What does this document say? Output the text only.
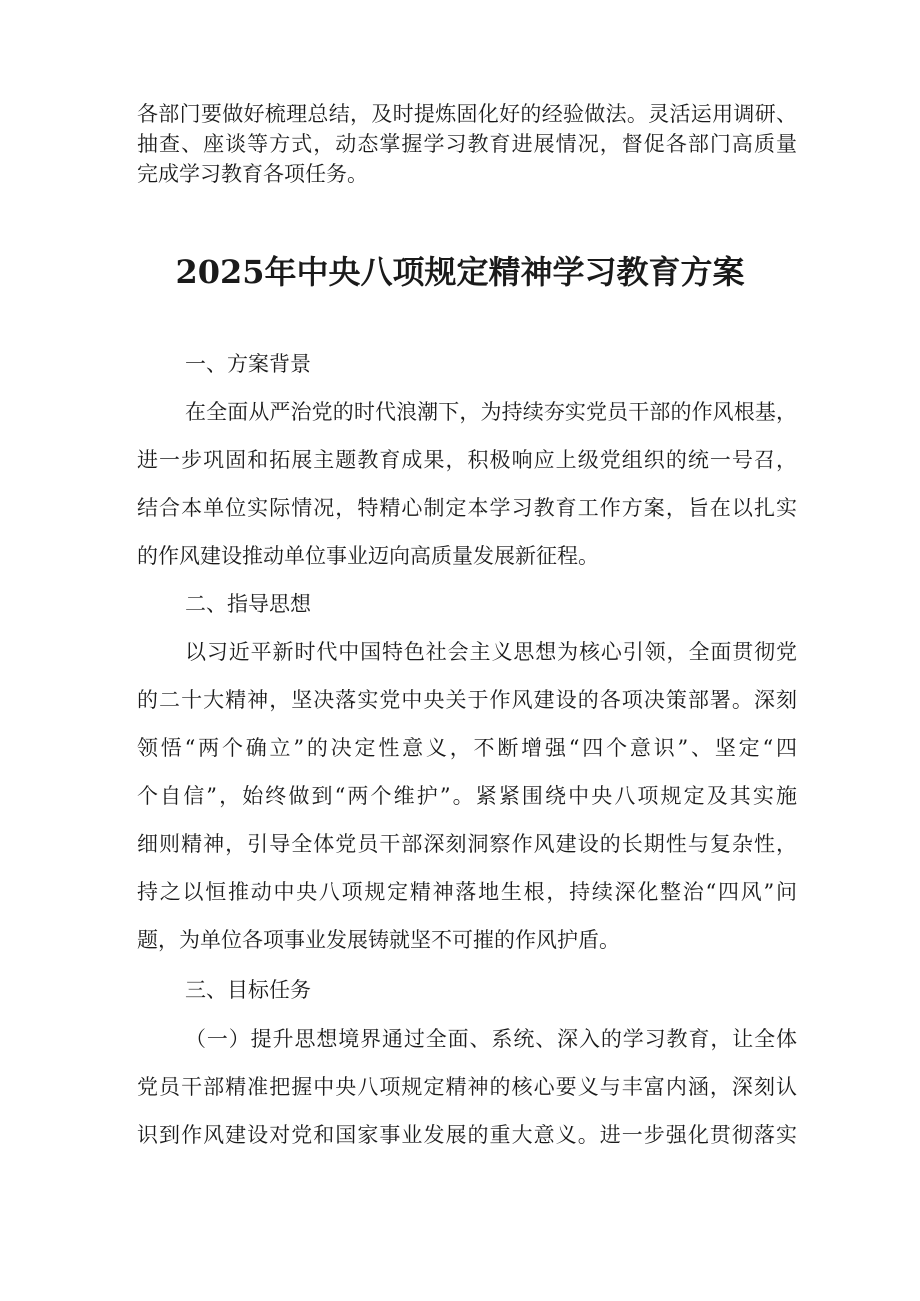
各部门要做好梳理总结，及时提炼固化好的经验做法。灵活运用调研、
抽查、座谈等方式，动态掌握学习教育进展情况，督促各部门高质量
完成学习教育各项任务。
2025年中央八项规定精神学习教育方案
一、方案背景
在全面从严治党的时代浪潮下，为持续夯实党员干部的作风根基，
进一步巩固和拓展主题教育成果，积极响应上级党组织的统一号召，
结合本单位实际情况，特精心制定本学习教育工作方案，旨在以扎实
的作风建设推动单位事业迈向高质量发展新征程。
二、指导思想
以习近平新时代中国特色社会主义思想为核心引领，全面贯彻党
的二十大精神，坚决落实党中央关于作风建设的各项决策部署。深刻
领悟“两个确立”的决定性意义，不断增强“四个意识”、坚定“四
个自信”，始终做到“两个维护”。紧紧围绕中央八项规定及其实施
细则精神，引导全体党员干部深刻洞察作风建设的长期性与复杂性，
持之以恒推动中央八项规定精神落地生根，持续深化整治“四风”问
题，为单位各项事业发展铸就坚不可摧的作风护盾。
三、目标任务
（一）提升思想境界通过全面、系统、深入的学习教育，让全体
党员干部精准把握中央八项规定精神的核心要义与丰富内涵，深刻认
识到作风建设对党和国家事业发展的重大意义。进一步强化贯彻落实
